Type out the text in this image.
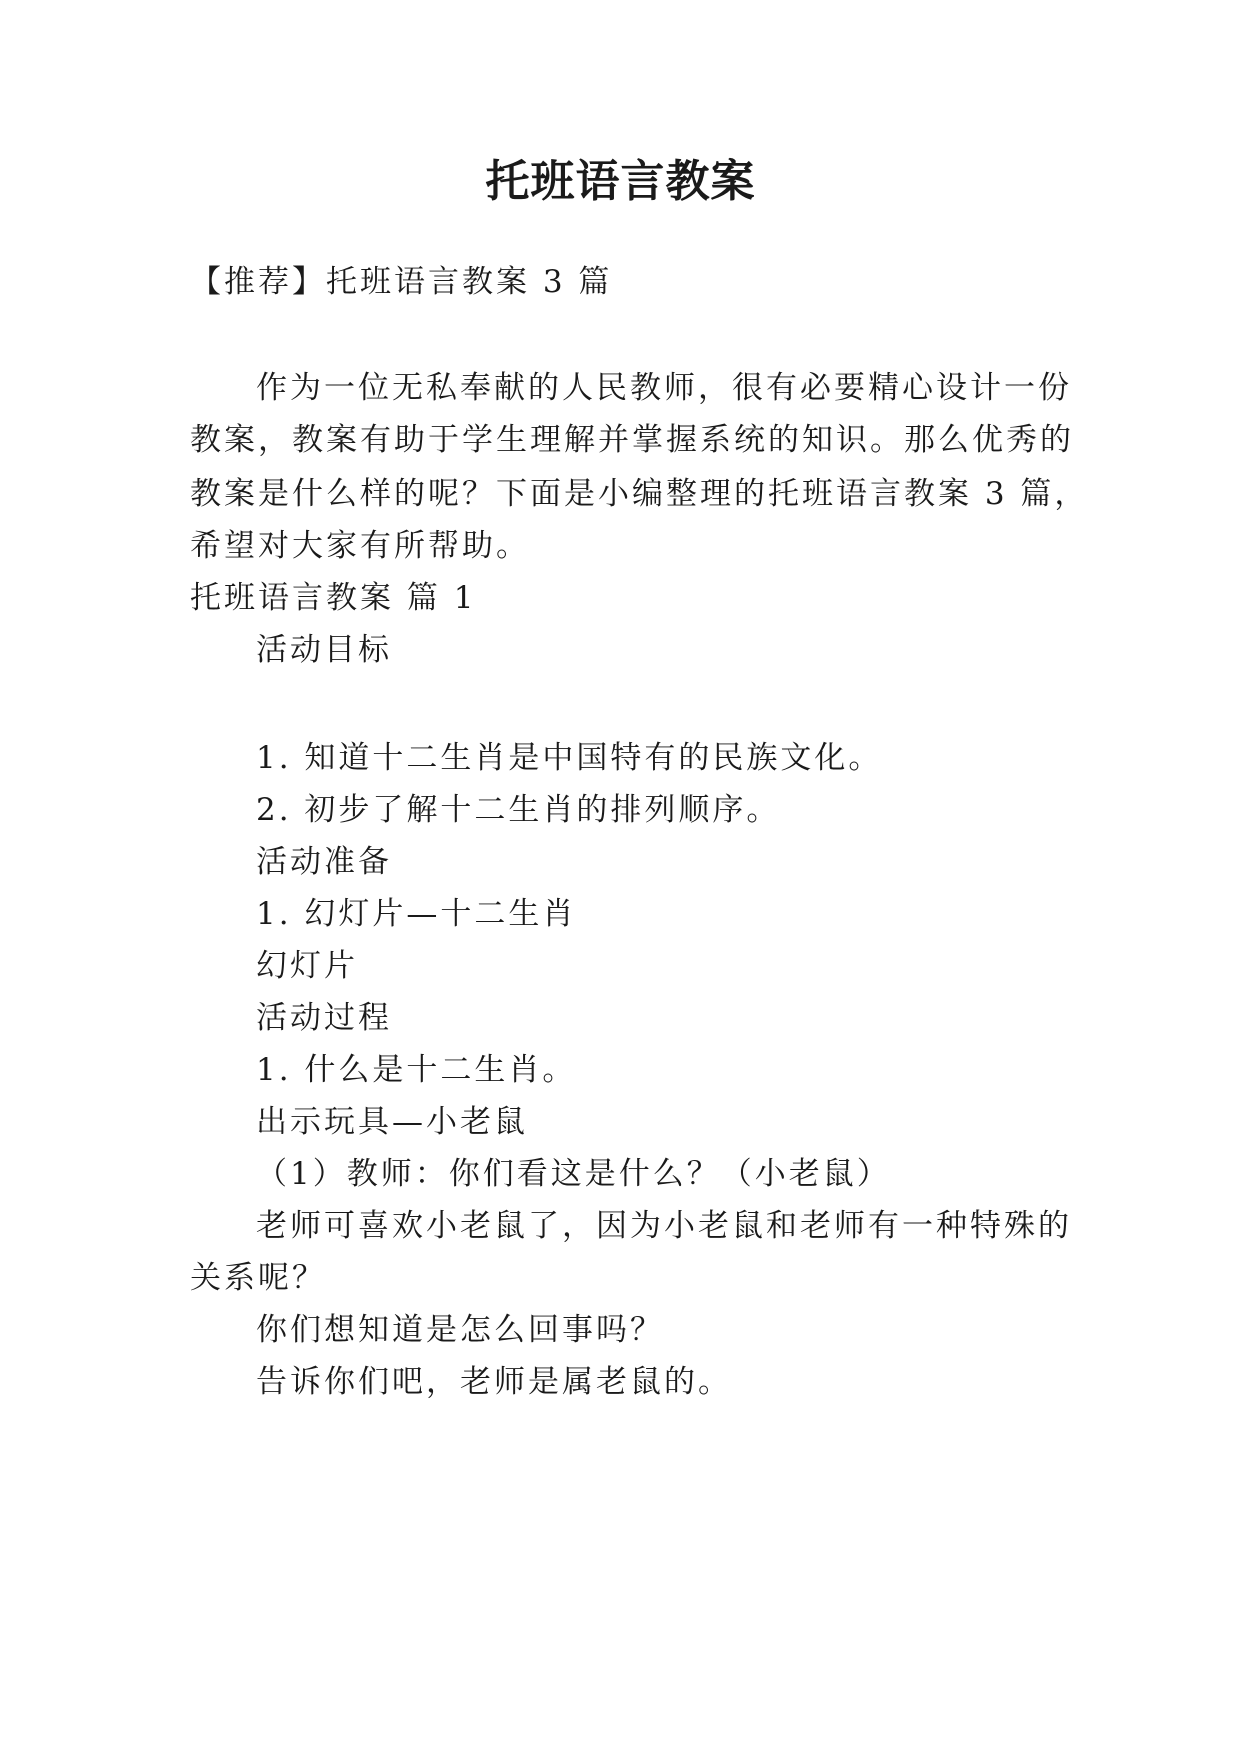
托班语言教案

【推荐】托班语言教案 3 篇

作为一位无私奉献的人民教师，很有必要精心设计一份

教案，教案有助于学生理解并掌握系统的知识。那么优秀的

教案是什么样的呢？下面是小编整理的托班语言教案 3 篇，

希望对大家有所帮助。

托班语言教案 篇 1

活动目标

1. 知道十二生肖是中国特有的民族文化。

2. 初步了解十二生肖的排列顺序。

活动准备

1. 幻灯片—十二生肖

幻灯片

活动过程

1. 什么是十二生肖。

出示玩具—小老鼠

（1）教师：你们看这是什么？（小老鼠）

老师可喜欢小老鼠了，因为小老鼠和老师有一种特殊的

关系呢？

你们想知道是怎么回事吗？

告诉你们吧，老师是属老鼠的。
